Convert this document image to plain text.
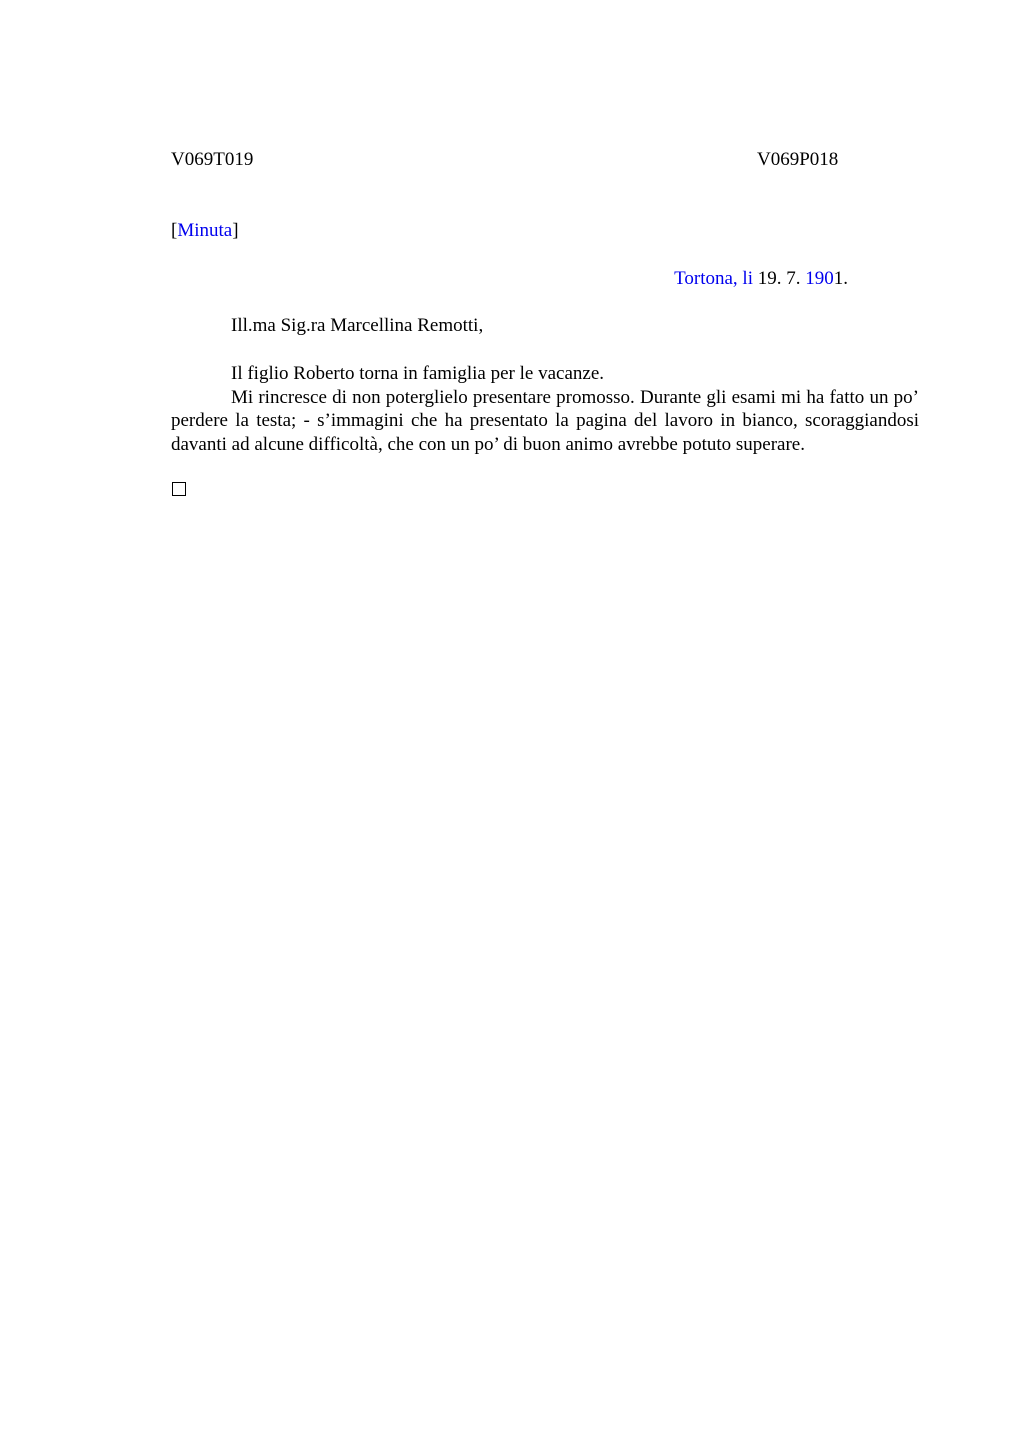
V069T019	V069P018
[Minuta]
Tortona, li 19. 7. 1901.
Ill.ma Sig.ra Marcellina Remotti,

Il figlio Roberto torna in famiglia per le vacanze.

Mi rincresce di non poterglielo presentare promosso. Durante gli esami mi ha fatto un po’ perdere la testa; - s’immagini che ha presentato la pagina del lavoro in bianco, scoraggiandosi davanti ad alcune difficoltà, che con un po’ di buon animo avrebbe potuto superare.
